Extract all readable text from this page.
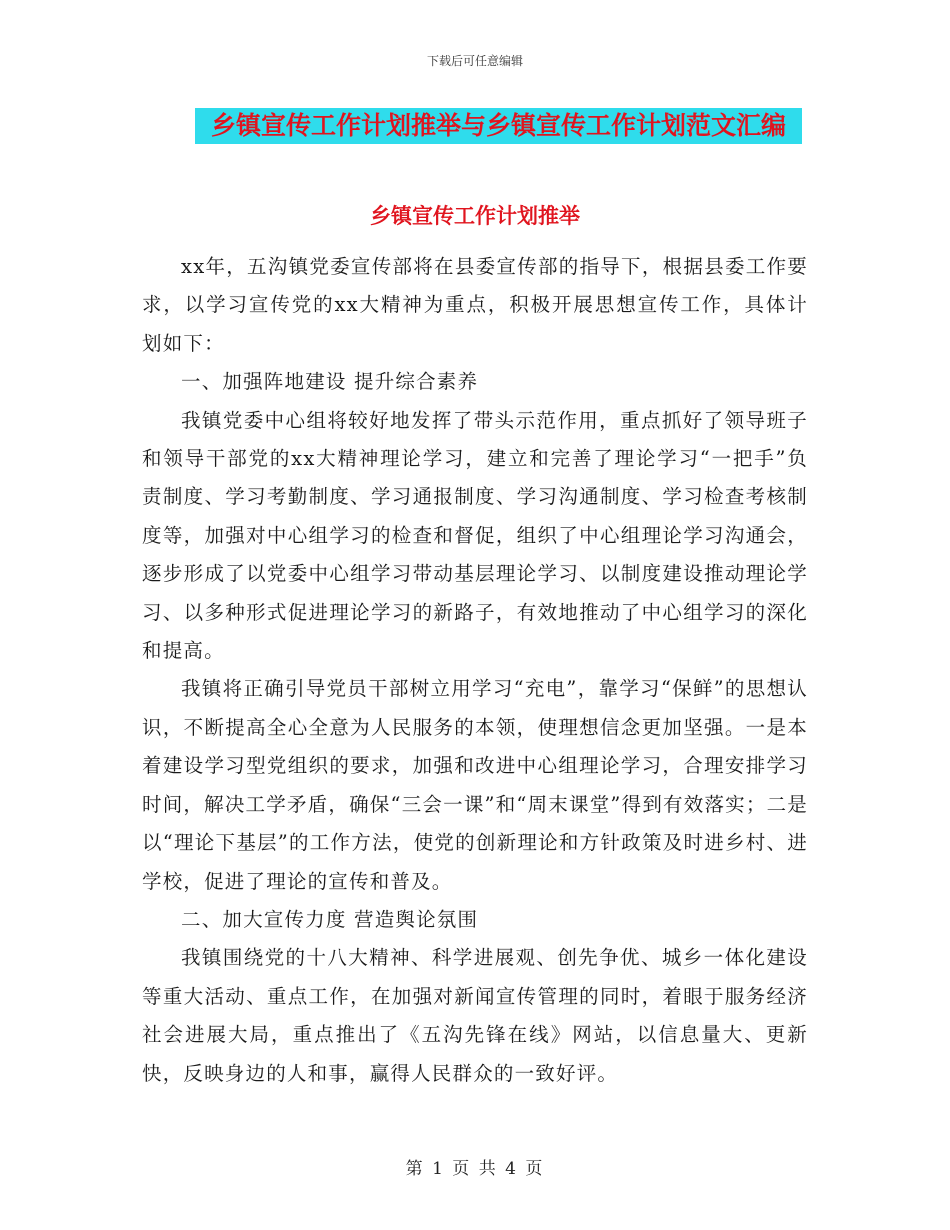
下载后可任意编辑
乡镇宣传工作计划推举与乡镇宣传工作计划范文汇编
乡镇宣传工作计划推举

xx年，五沟镇党委宣传部将在县委宣传部的指导下，根据县委工作要求，以学习宣传党的xx大精神为重点，积极开展思想宣传工作，具体计划如下：

一、加强阵地建设 提升综合素养

我镇党委中心组将较好地发挥了带头示范作用，重点抓好了领导班子和领导干部党的xx大精神理论学习，建立和完善了理论学习“一把手”负责制度、学习考勤制度、学习通报制度、学习沟通制度、学习检查考核制度等，加强对中心组学习的检查和督促，组织了中心组理论学习沟通会，逐步形成了以党委中心组学习带动基层理论学习、以制度建设推动理论学习、以多种形式促进理论学习的新路子，有效地推动了中心组学习的深化和提高。

我镇将正确引导党员干部树立用学习“充电”，靠学习“保鲜”的思想认识，不断提高全心全意为人民服务的本领，使理想信念更加坚强。一是本着建设学习型党组织的要求，加强和改进中心组理论学习，合理安排学习时间，解决工学矛盾，确保“三会一课”和“周末课堂”得到有效落实；二是以“理论下基层”的工作方法，使党的创新理论和方针政策及时进乡村、进学校，促进了理论的宣传和普及。

二、加大宣传力度 营造舆论氛围

我镇围绕党的十八大精神、科学进展观、创先争优、城乡一体化建设等重大活动、重点工作，在加强对新闻宣传管理的同时，着眼于服务经济社会进展大局，重点推出了《五沟先锋在线》网站，以信息量大、更新快，反映身边的人和事，赢得人民群众的一致好评。

第 1 页 共 4 页
